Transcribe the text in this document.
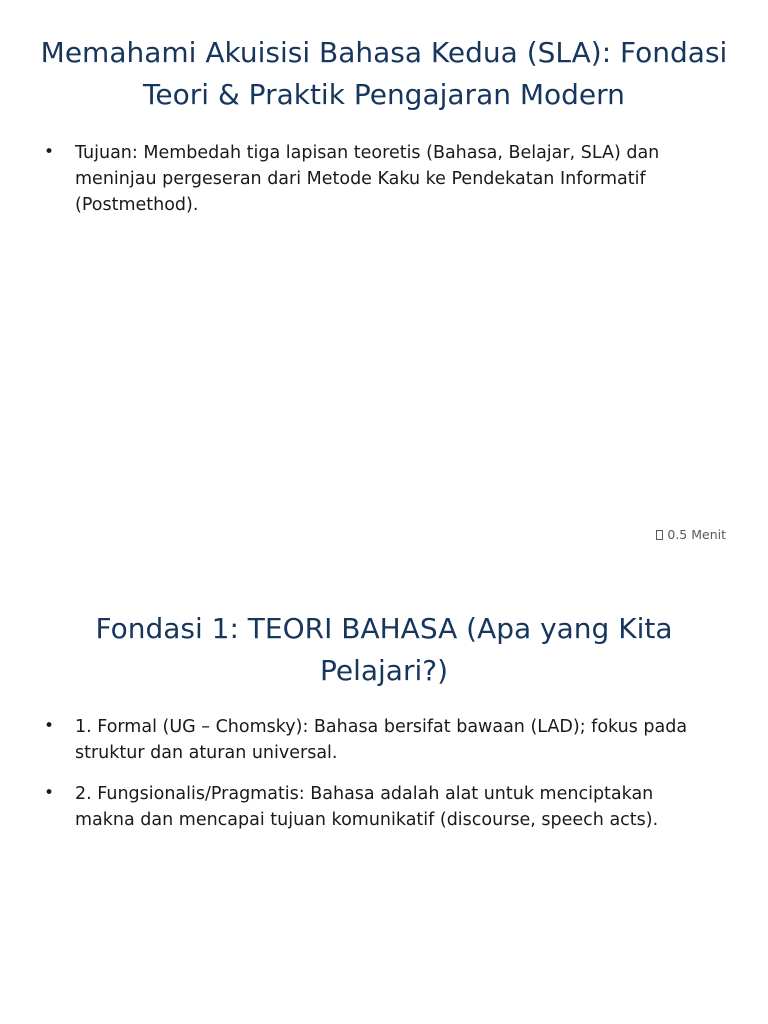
Memahami Akuisisi Bahasa Kedua (SLA): Fondasi Teori & Praktik Pengajaran Modern
• Tujuan: Membedah tiga lapisan teoretis (Bahasa, Belajar, SLA) dan meninjau pergeseran dari Metode Kaku ke Pendekatan Informatif (Postmethod).
0.5 Menit
Fondasi 1: TEORI BAHASA (Apa yang Kita Pelajari?)
• 1. Formal (UG – Chomsky): Bahasa bersifat bawaan (LAD); fokus pada struktur dan aturan universal.
• 2. Fungsionalis/Pragmatis: Bahasa adalah alat untuk menciptakan makna dan mencapai tujuan komunikatif (discourse, speech acts).
